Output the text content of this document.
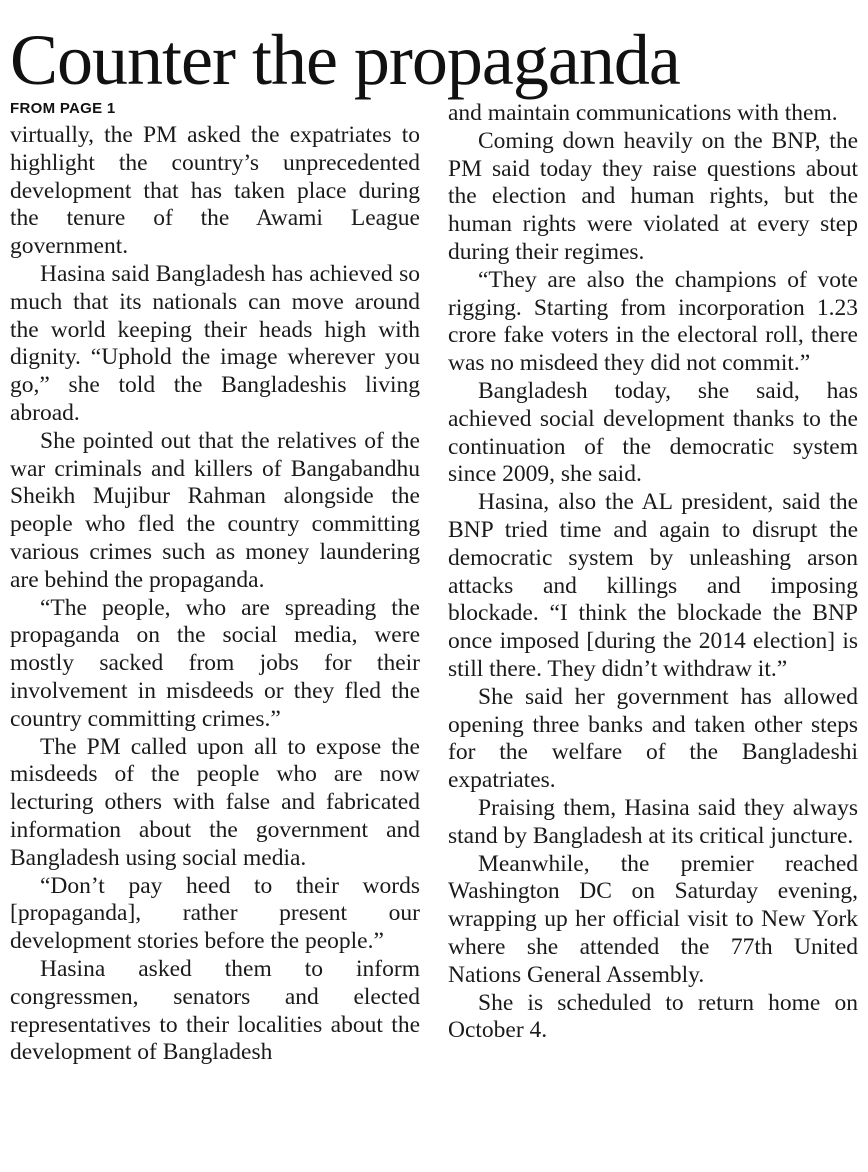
Counter the propaganda
FROM PAGE 1

virtually, the PM asked the expatriates to highlight the country’s unprecedented development that has taken place during the tenure of the Awami League government.

Hasina said Bangladesh has achieved so much that its nationals can move around the world keeping their heads high with dignity. “Uphold the image wherever you go,” she told the Bangladeshis living abroad.

She pointed out that the relatives of the war criminals and killers of Bangabandhu Sheikh Mujibur Rahman alongside the people who fled the country committing various crimes such as money laundering are behind the propaganda.

“The people, who are spreading the propaganda on the social media, were mostly sacked from jobs for their involvement in misdeeds or they fled the country committing crimes.”

The PM called upon all to expose the misdeeds of the people who are now lecturing others with false and fabricated information about the government and Bangladesh using social media.

“Don’t pay heed to their words [propaganda], rather present our development stories before the people.”

Hasina asked them to inform congressmen, senators and elected representatives to their localities about the development of Bangladesh

and maintain communications with them.

Coming down heavily on the BNP, the PM said today they raise questions about the election and human rights, but the human rights were violated at every step during their regimes.

“They are also the champions of vote rigging. Starting from incorporation 1.23 crore fake voters in the electoral roll, there was no misdeed they did not commit.”

Bangladesh today, she said, has achieved social development thanks to the continuation of the democratic system since 2009, she said.

Hasina, also the AL president, said the BNP tried time and again to disrupt the democratic system by unleashing arson attacks and killings and imposing blockade. “I think the blockade the BNP once imposed [during the 2014 election] is still there. They didn’t withdraw it.”

She said her government has allowed opening three banks and taken other steps for the welfare of the Bangladeshi expatriates.

Praising them, Hasina said they always stand by Bangladesh at its critical juncture.

Meanwhile, the premier reached Washington DC on Saturday evening, wrapping up her official visit to New York where she attended the 77th United Nations General Assembly.

She is scheduled to return home on October 4.
